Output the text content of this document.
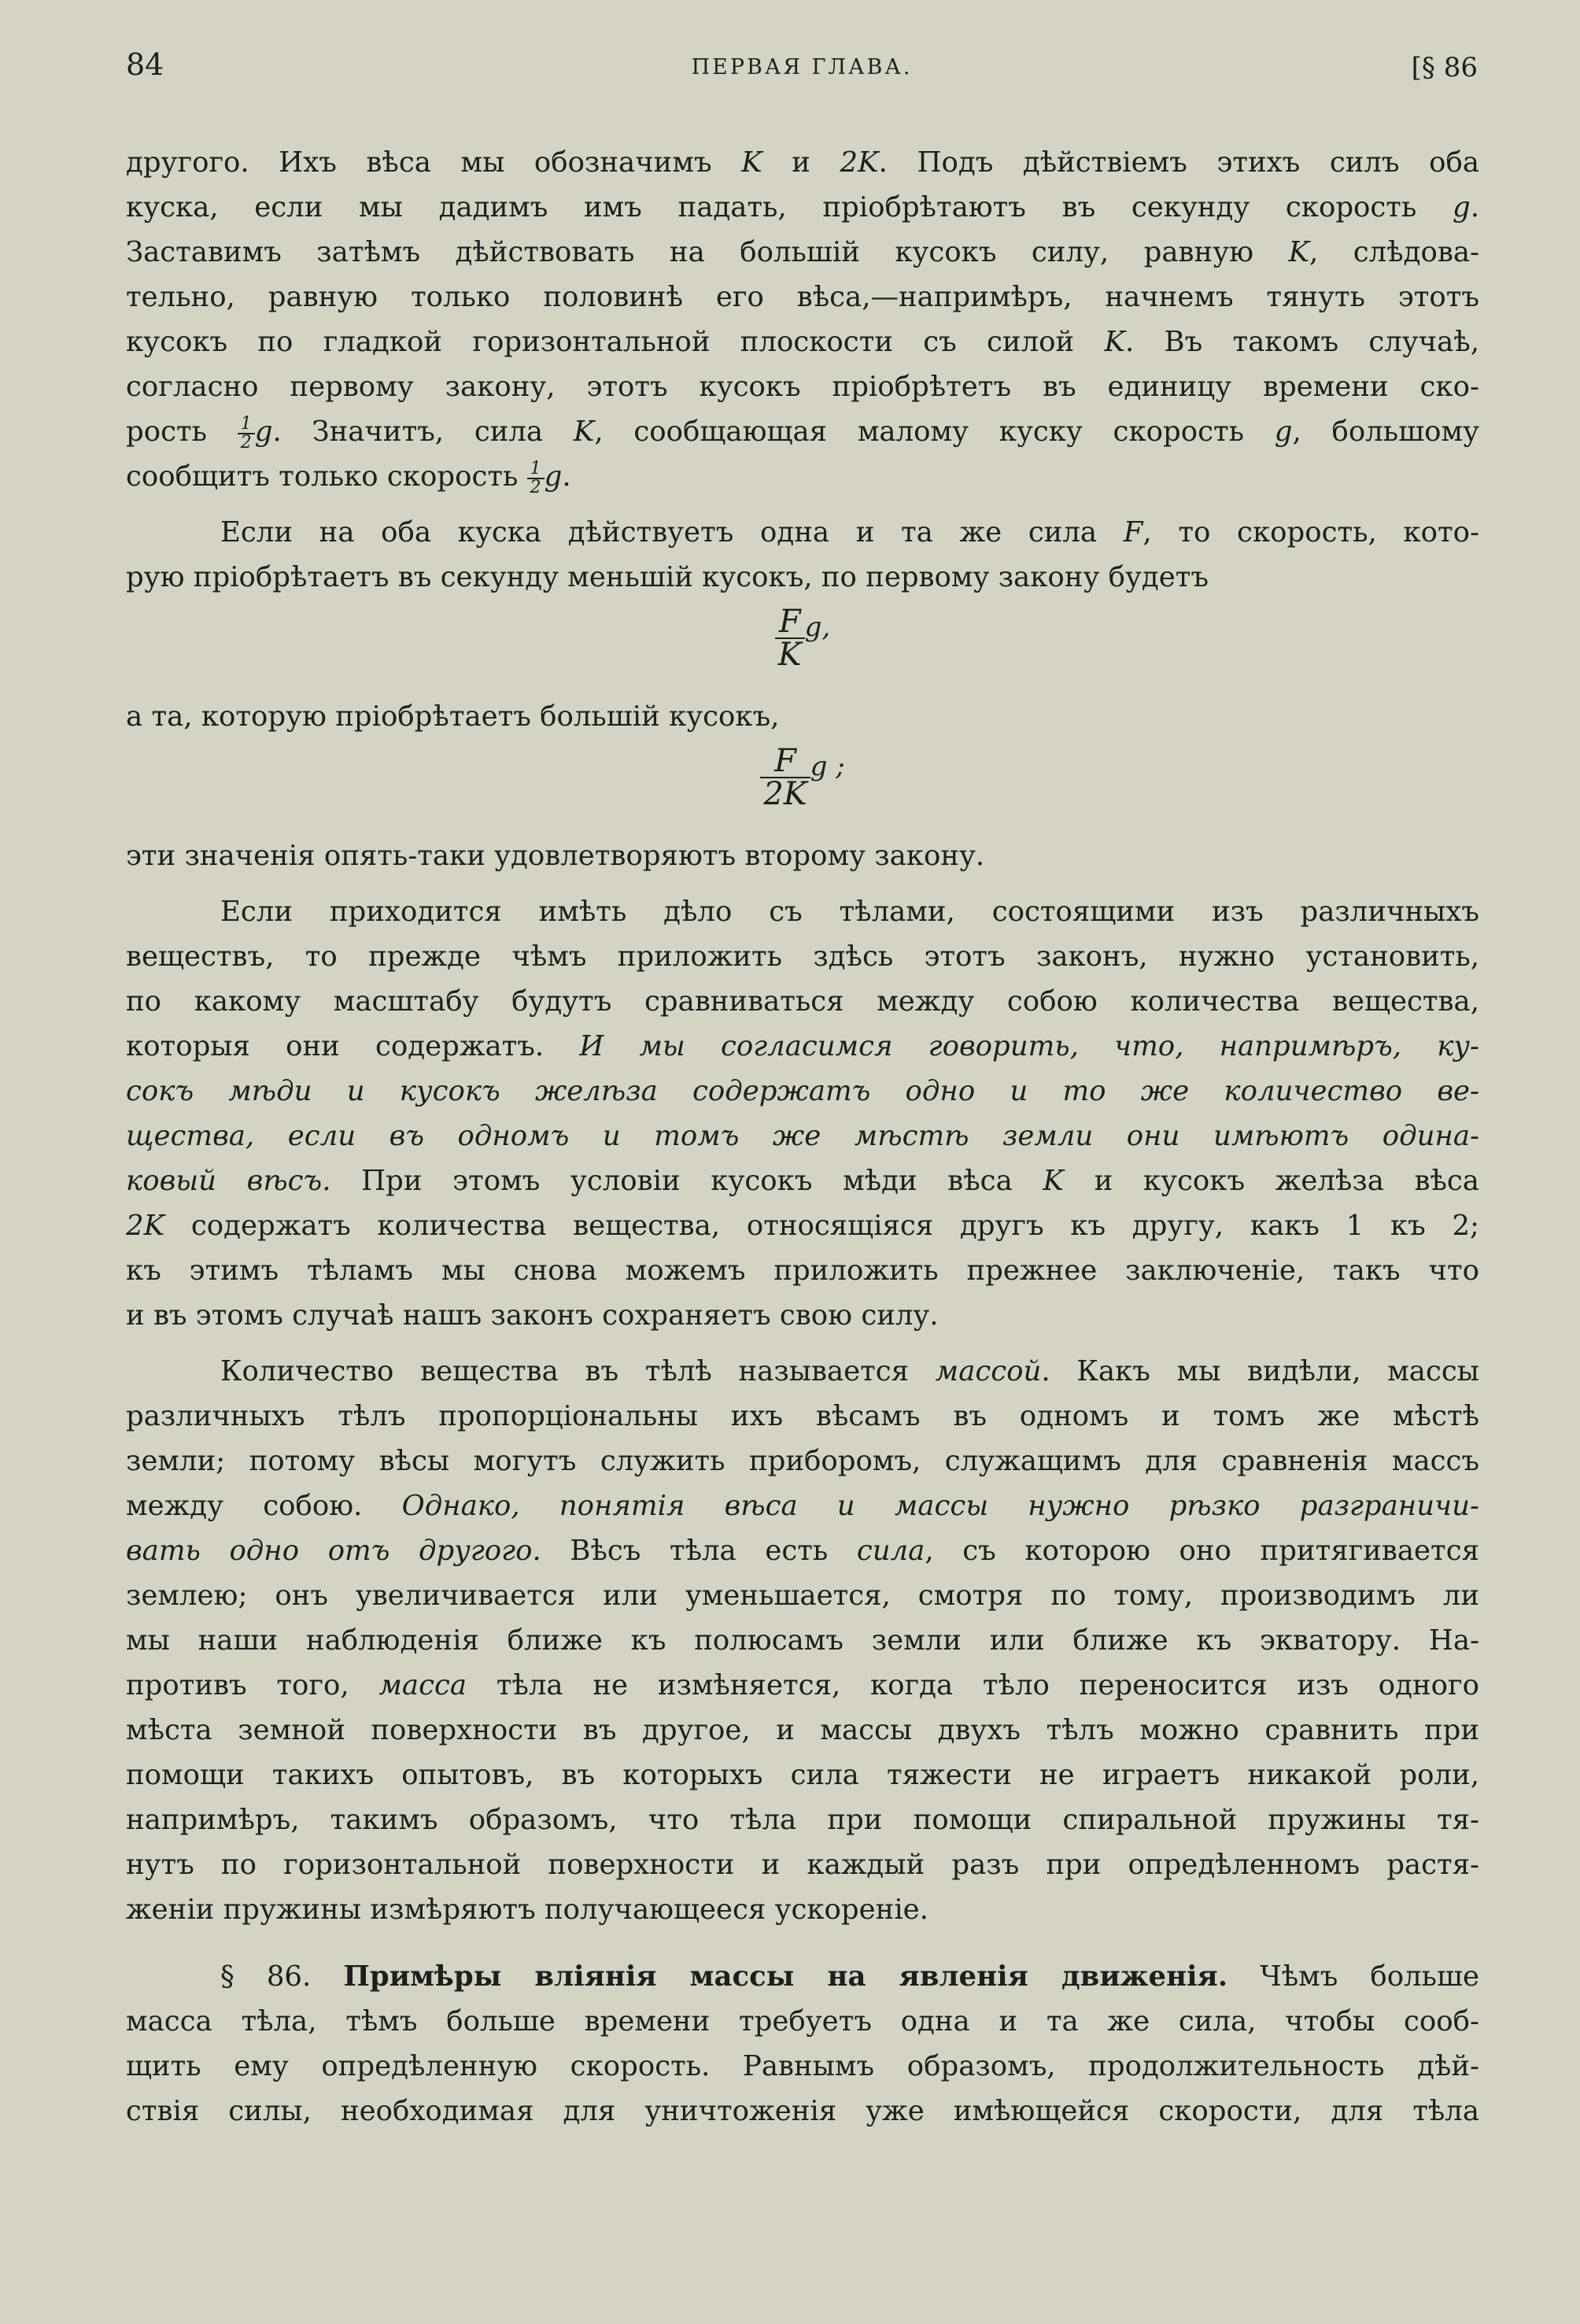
84	ПЕРВАЯ ГЛАВА.	[§ 86
другого. Ихъ вѣса мы обозначимъ K и 2K. Подъ дѣйствіемъ этихъ силъ оба
куска, если мы дадимъ имъ падать, пріобрѣтаютъ въ секунду скорость g.
Заставимъ затѣмъ дѣйствовать на большій кусокъ силу, равную K, слѣдова-
тельно, равную только половинѣ его вѣса,—напримѣръ, начнемъ тянуть этотъ
кусокъ по гладкой горизонтальной плоскости съ силой K. Въ такомъ случаѣ,
согласно первому закону, этотъ кусокъ пріобрѣтетъ въ единицу времени ско-
рость $\frac{1}{2} g$. Значитъ, сила K, сообщающая малому куску скорость g, большому
сообщитъ только скорость $\frac{1}{2} g$.
Если на оба куска дѣйствуетъ одна и та же сила F, то скорость, кото-
рую пріобрѣтаетъ въ секунду меньшій кусокъ, по первому закону будетъ
$\frac{F}{K} ^{g,}$
а та, которую пріобрѣтаетъ большій кусокъ,
$\frac{F}{2K} ^{g ;}$
эти значенія опять-таки удовлетворяютъ второму закону.
Если приходится имѣть дѣло съ тѣлами, состоящими изъ различныхъ
веществъ, то прежде чѣмъ приложить здѣсь этотъ законъ, нужно установить,
по какому масштабу будутъ сравниваться между собою количества вещества,
которыя они содержатъ. И мы согласимся говорить, что, напримѣръ, ку-
сокъ мѣди и кусокъ желѣза содержатъ одно и то же количество ве-
щества, если въ одномъ и томъ же мѣстѣ земли они имѣютъ одина-
ковый вѣсъ. При этомъ условіи кусокъ мѣди вѣса K и кусокъ желѣза вѣса
2K содержатъ количества вещества, относящіяся другъ къ другу, какъ 1 къ 2;
къ этимъ тѣламъ мы снова можемъ приложить прежнее заключеніе, такъ что
и въ этомъ случаѣ нашъ законъ сохраняетъ свою силу.
Количество вещества въ тѣлѣ называется массой. Какъ мы видѣли, массы
различныхъ тѣлъ пропорціональны ихъ вѣсамъ въ одномъ и томъ же мѣстѣ
земли; потому вѣсы могутъ служить приборомъ, служащимъ для сравненія массъ
между собою. Однако, понятія вѣса и массы нужно рѣзко разграничи-
вать одно отъ другого. Вѣсъ тѣла есть сила, съ которою оно притягивается
землею; онъ увеличивается или уменьшается, смотря по тому, производимъ ли
мы наши наблюденія ближе къ полюсамъ земли или ближе къ экватору. На-
противъ того, масса тѣла не измѣняется, когда тѣло переносится изъ одного
мѣста земной поверхности въ другое, и массы двухъ тѣлъ можно сравнить при
помощи такихъ опытовъ, въ которыхъ сила тяжести не играетъ никакой роли,
напримѣръ, такимъ образомъ, что тѣла при помощи спиральной пружины тя-
нутъ по горизонтальной поверхности и каждый разъ при опредѣленномъ растя-
женіи пружины измѣряютъ получающееся ускореніе.
§ 86. Примѣры вліянія массы на явленія движенія. Чѣмъ больше
масса тѣла, тѣмъ больше времени требуетъ одна и та же сила, чтобы сооб-
щить ему опредѣленную скорость. Равнымъ образомъ, продолжительность дѣй-
ствія силы, необходимая для уничтоженія уже имѣющейся скорости, для тѣла
